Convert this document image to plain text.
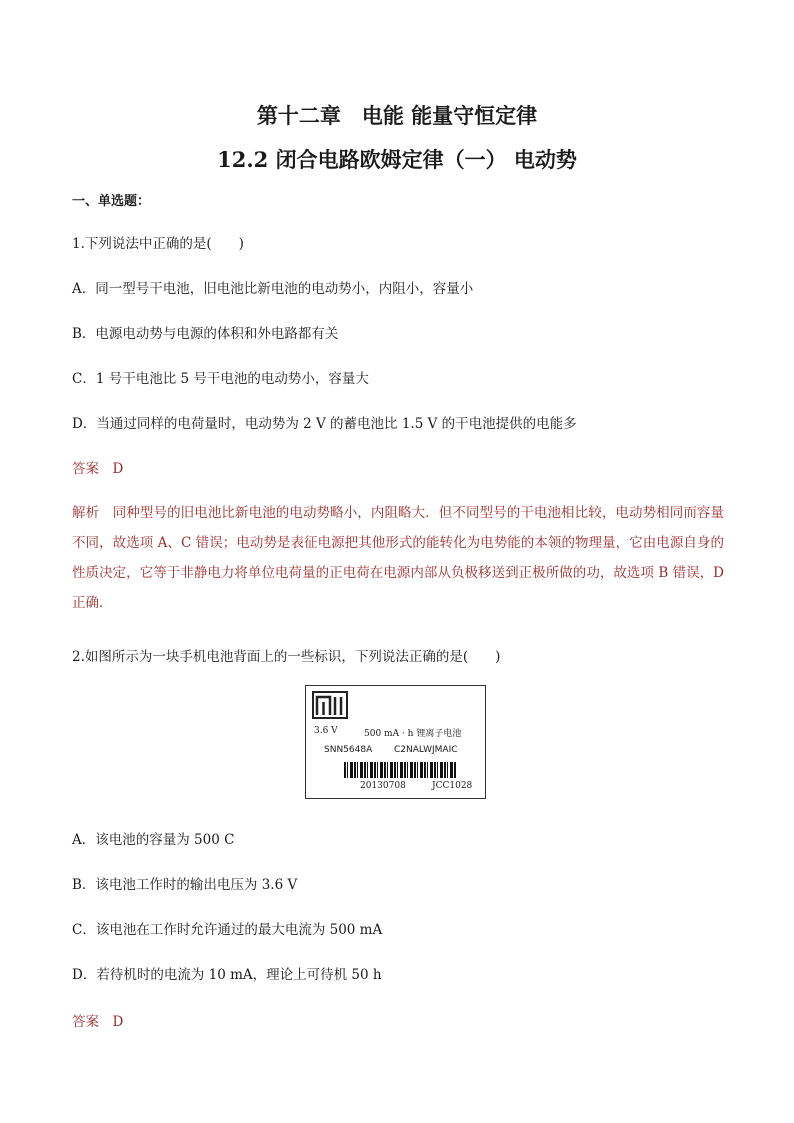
第十二章　电能 能量守恒定律
12.2 闭合电路欧姆定律（一） 电动势
一、单选题：
1.下列说法中正确的是(　　)
A．同一型号干电池，旧电池比新电池的电动势小，内阻小，容量小
B．电源电动势与电源的体积和外电路都有关
C．1 号干电池比 5 号干电池的电动势小，容量大
D．当通过同样的电荷量时，电动势为 2 V 的蓄电池比 1.5 V 的干电池提供的电能多
答案　D
解析　同种型号的旧电池比新电池的电动势略小，内阻略大．但不同型号的干电池相比较，电动势相同而容量不同，故选项 A、C 错误；电动势是表征电源把其他形式的能转化为电势能的本领的物理量，它由电源自身的性质决定，它等于非静电力将单位电荷量的正电荷在电源内部从负极移送到正极所做的功，故选项 B 错误，D 正确．
2.如图所示为一块手机电池背面上的一些标识，下列说法正确的是(　　)
3.6 V	500 mA · h 锂离子电池
SNN5648A C2NALWJMAIC
20130708	JCC1028
A．该电池的容量为 500 C
B．该电池工作时的输出电压为 3.6 V
C．该电池在工作时允许通过的最大电流为 500 mA
D．若待机时的电流为 10 mA，理论上可待机 50 h
答案　D
